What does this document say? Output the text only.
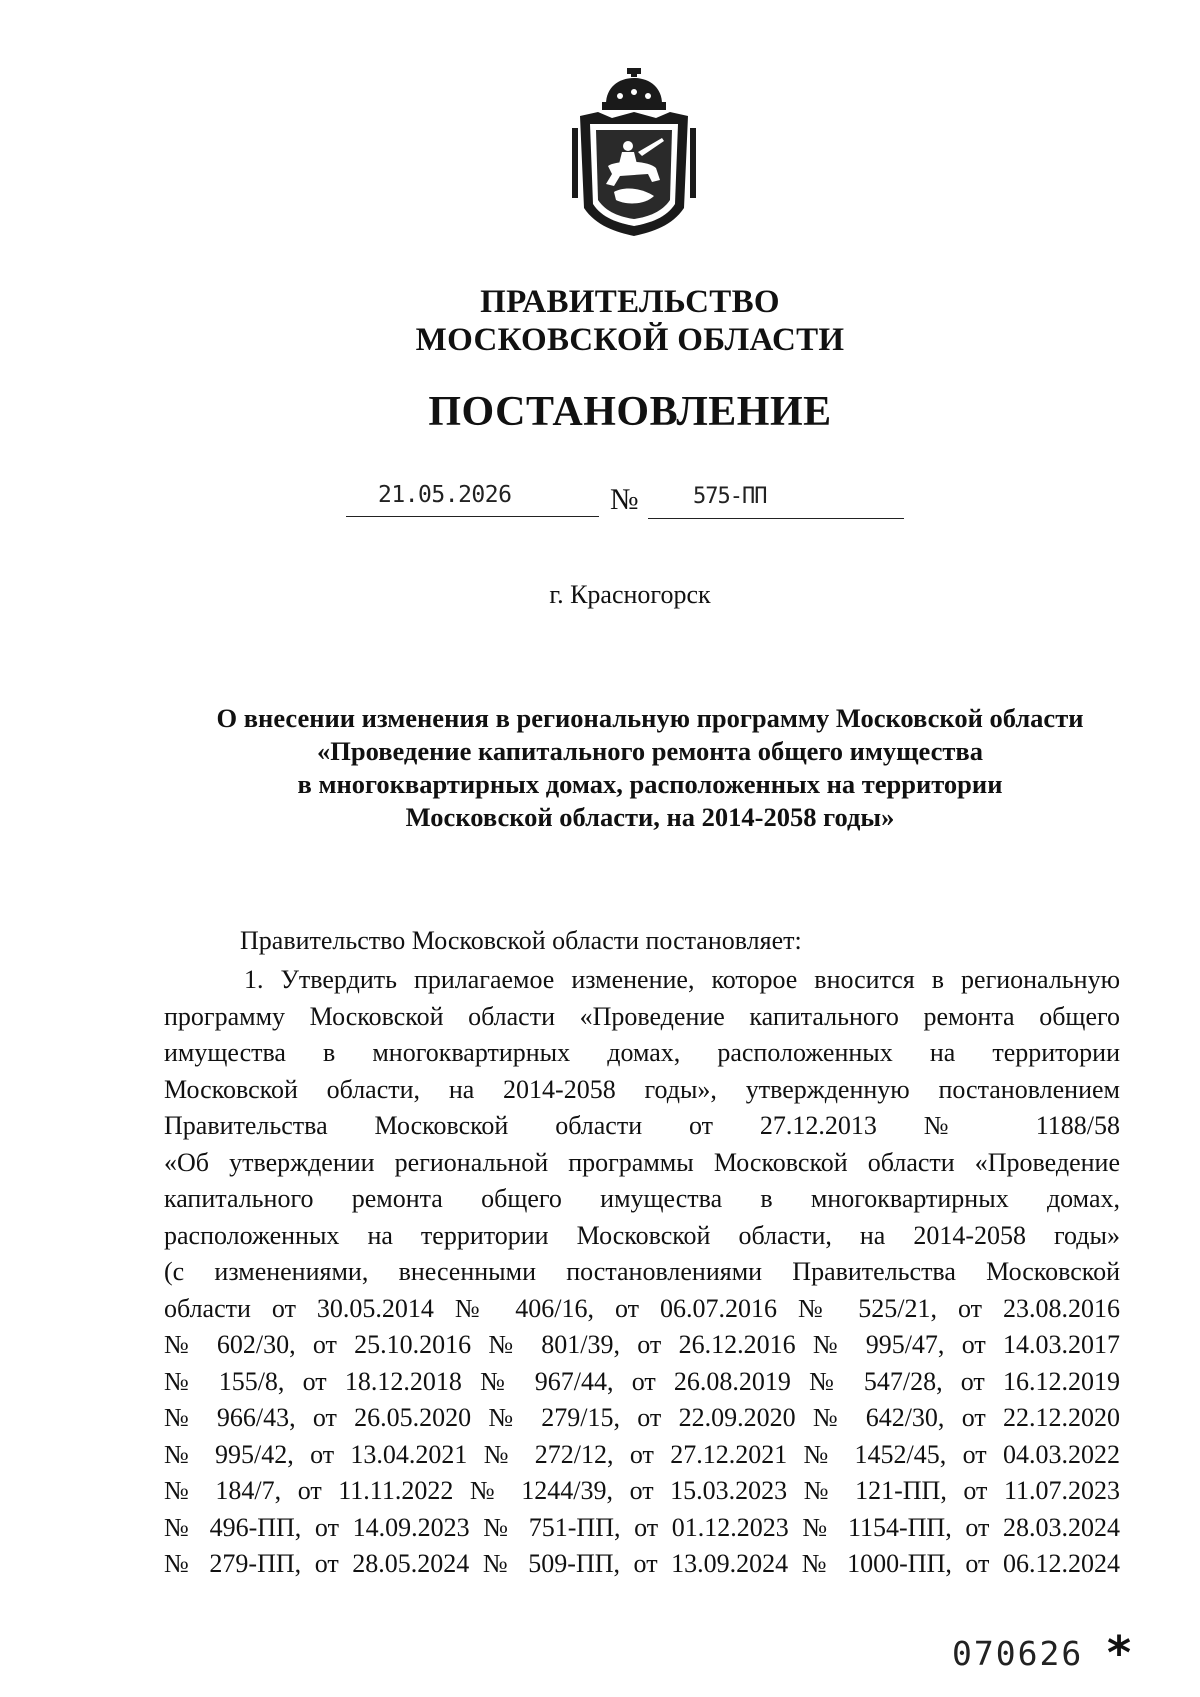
ПРАВИТЕЛЬСТВО
МОСКОВСКОЙ ОБЛАСТИ
ПОСТАНОВЛЕНИЕ
21.05.2026	№ 575-ПП
г. Красногорск
О внесении изменения в региональную программу Московской области
«Проведение капитального ремонта общего имущества
в многоквартирных домах, расположенных на территории
Московской области, на 2014-2058 годы»
Правительство Московской области постановляет:
1. Утвердить прилагаемое изменение, которое вносится в региональную
программу Московской области «Проведение капитального ремонта общего
имущества в многоквартирных домах, расположенных на территории
Московской области, на 2014-2058 годы», утвержденную постановлением
Правительства Московской области от 27.12.2013 № 1188/58
«Об утверждении региональной программы Московской области «Проведение
капитального ремонта общего имущества в многоквартирных домах,
расположенных на территории Московской области, на 2014-2058 годы»
(с изменениями, внесенными постановлениями Правительства Московской
области от 30.05.2014 № 406/16, от 06.07.2016 № 525/21, от 23.08.2016
№ 602/30, от 25.10.2016 № 801/39, от 26.12.2016 № 995/47, от 14.03.2017
№ 155/8, от 18.12.2018 № 967/44, от 26.08.2019 № 547/28, от 16.12.2019
№ 966/43, от 26.05.2020 № 279/15, от 22.09.2020 № 642/30, от 22.12.2020
№ 995/42, от 13.04.2021 № 272/12, от 27.12.2021 № 1452/45, от 04.03.2022
№ 184/7, от 11.11.2022 № 1244/39, от 15.03.2023 № 121-ПП, от 11.07.2023
№ 496-ПП, от 14.09.2023 № 751-ПП, от 01.12.2023 № 1154-ПП, от 28.03.2024
№ 279-ПП, от 28.05.2024 № 509-ПП, от 13.09.2024 № 1000-ПП, от 06.12.2024
070626 *
